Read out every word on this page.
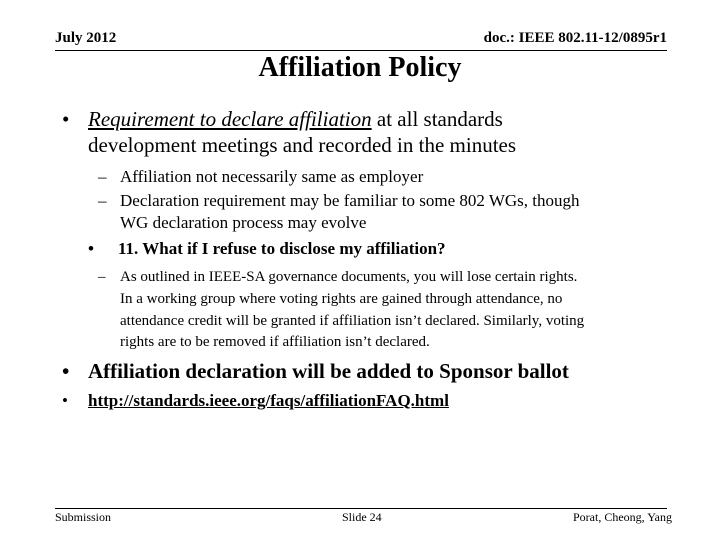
July 2012	doc.: IEEE 802.11-12/0895r1
Affiliation Policy
• Requirement to declare affiliation at all standards
development meetings and recorded in the minutes
– Affiliation not necessarily same as employer
– Declaration requirement may be familiar to some 802 WGs, though
WG declaration process may evolve
• 11. What if I refuse to disclose my affiliation?
– As outlined in IEEE-SA governance documents, you will lose certain rights.
In a working group where voting rights are gained through attendance, no
attendance credit will be granted if affiliation isn’t declared. Similarly, voting
rights are to be removed if affiliation isn’t declared.
• Affiliation declaration will be added to Sponsor ballot
• http://standards.ieee.org/faqs/affiliationFAQ.html
Submission	Slide 24	Porat, Cheong, Yang
